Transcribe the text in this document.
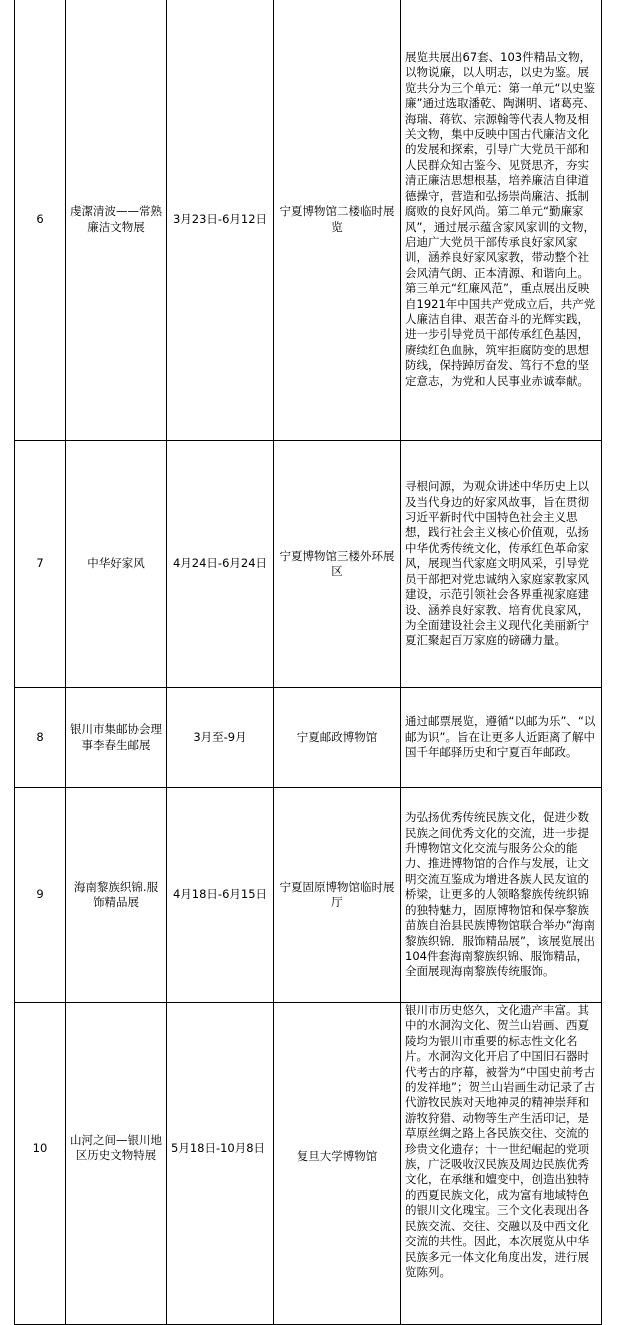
6	虔潔清波——常熟廉洁文物展	3月23日-6月12日	宁夏博物馆二楼临时展览	展览共展出67套、103件精品文物，以物说廉，以人明志，以史为鉴。展览共分为三个单元：第一单元“以史鉴廉”通过选取潘乾、陶渊明、诸葛亮、海瑞、蒋钦、宗源翰等代表人物及相关文物，集中反映中国古代廉洁文化的发展和探索，引导广大党员干部和人民群众知古鉴今、见贤思齐，夯实清正廉洁思想根基，培养廉洁自律道德操守，营造和弘扬崇尚廉洁、抵制腐败的良好风尚。第二单元“勤廉家风”，通过展示蕴含家风家训的文物，启迪广大党员干部传承良好家风家训，涵养良好家风家教，带动整个社会风清气朗、正本清源、和谐向上。第三单元“红廉风范”，重点展出反映自1921年中国共产党成立后，共产党人廉洁自律、艰苦奋斗的光辉实践，进一步引导党员干部传承红色基因，赓续红色血脉，筑牢拒腐防变的思想防线，保持踔厉奋发、笃行不怠的坚定意志，为党和人民事业赤诚奉献。

7	中华好家风	4月24日-6月24日	宁夏博物馆三楼外环展区	寻根问源，为观众讲述中华历史上以及当代身边的好家风故事，旨在贯彻习近平新时代中国特色社会主义思想，践行社会主义核心价值观，弘扬中华优秀传统文化，传承红色革命家风，展现当代家庭文明风采，引导党员干部把对党忠诚纳入家庭家教家风建设，示范引领社会各界重视家庭建设、涵养良好家教、培育优良家风，为全面建设社会主义现代化美丽新宁夏汇聚起百万家庭的磅礴力量。

8	银川市集邮协会理事李春生邮展	3月至-9月	宁夏邮政博物馆	通过邮票展览，遵循“以邮为乐”、“以邮为识”。旨在让更多人近距离了解中国千年邮驿历史和宁夏百年邮政。

9	海南黎族织锦.服饰精品展	4月18日-6月15日	宁夏固原博物馆临时展厅	为弘扬优秀传统民族文化，促进少数民族之间优秀文化的交流，进一步提升博物馆文化交流与服务公众的能力、推进博物馆的合作与发展，让文明交流互鉴成为增进各族人民友谊的桥梁，让更多的人领略黎族传统织锦的独特魅力，固原博物馆和保亭黎族苗族自治县民族博物馆联合举办“海南黎族织锦．服饰精品展”，该展览展出 104件套海南黎族织锦、服饰精品，全面展现海南黎族传统服饰。

10	山河之间—银川地区历史文物特展	5月18日-10月8日	复旦大学博物馆	银川市历史悠久，文化遗产丰富。其中的水洞沟文化、贺兰山岩画、西夏陵均为银川市重要的标志性文化名片。水洞沟文化开启了中国旧石器时代考古的序幕，被誉为“中国史前考古的发祥地”；贺兰山岩画生动记录了古代游牧民族对天地神灵的精神崇拜和游牧狩猎、动物等生产生活印记，是草原丝绸之路上各民族交往、交流的珍贵文化遗存；十一世纪崛起的党项族，广泛吸收汉民族及周边民族优秀文化，在承继和嬗变中，创造出独特的西夏民族文化，成为富有地域特色的银川文化瑰宝。三个文化表现出各民族交流、交往、交融以及中西文化交流的共性。因此，本次展览从中华民族多元一体文化角度出发，进行展览陈列。
